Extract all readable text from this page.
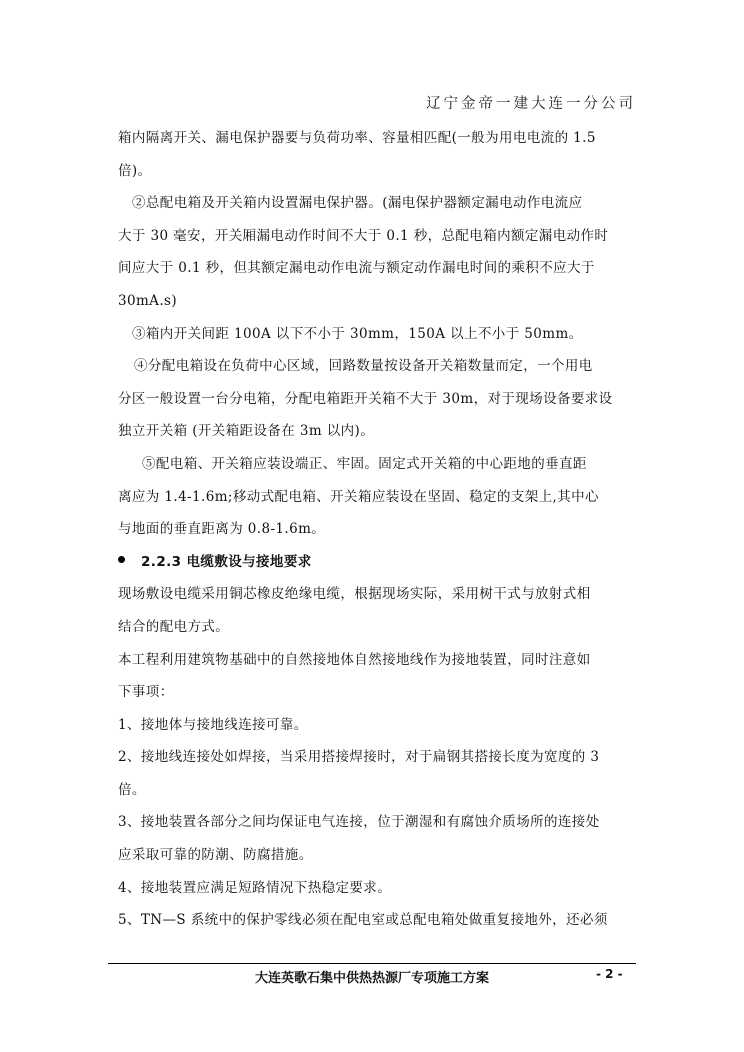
辽宁金帝一建大连一分公司
箱内隔离开关、漏电保护器要与负荷功率、容量相匹配(一般为用电电流的 1.5
倍)。
②总配电箱及开关箱内设置漏电保护器。(漏电保护器额定漏电动作电流应
大于 30 毫安，开关厢漏电动作时间不大于 0.1 秒，总配电箱内额定漏电动作时
间应大于 0.1 秒，但其额定漏电动作电流与额定动作漏电时间的乘积不应大于
30mA.s)
③箱内开关间距 100A 以下不小于 30mm，150A 以上不小于 50mm。
④分配电箱设在负荷中心区域，回路数量按设备开关箱数量而定，一个用电
分区一般设置一台分电箱，分配电箱距开关箱不大于 30m，对于现场设备要求设
独立开关箱 (开关箱距设备在 3m 以内)。
⑤配电箱、开关箱应装设端正、牢固。固定式开关箱的中心距地的垂直距
离应为 1.4-1.6m;移动式配电箱、开关箱应装设在坚固、稳定的支架上,其中心
与地面的垂直距离为 0.8-1.6m。
2.2.3 电缆敷设与接地要求
现场敷设电缆采用铜芯橡皮绝缘电缆，根据现场实际，采用树干式与放射式相
结合的配电方式。
本工程利用建筑物基础中的自然接地体自然接地线作为接地装置，同时注意如
下事项：
1、接地体与接地线连接可靠。
2、接地线连接处如焊接，当采用搭接焊接时，对于扁钢其搭接长度为宽度的 3
倍。
3、接地装置各部分之间均保证电气连接，位于潮湿和有腐蚀介质场所的连接处
应采取可靠的防潮、防腐措施。
4、接地装置应满足短路情况下热稳定要求。
5、TN—S 系统中的保护零线必须在配电室或总配电箱处做重复接地外，还必须
大连英歌石集中供热热源厂专项施工方案	- 2 -
